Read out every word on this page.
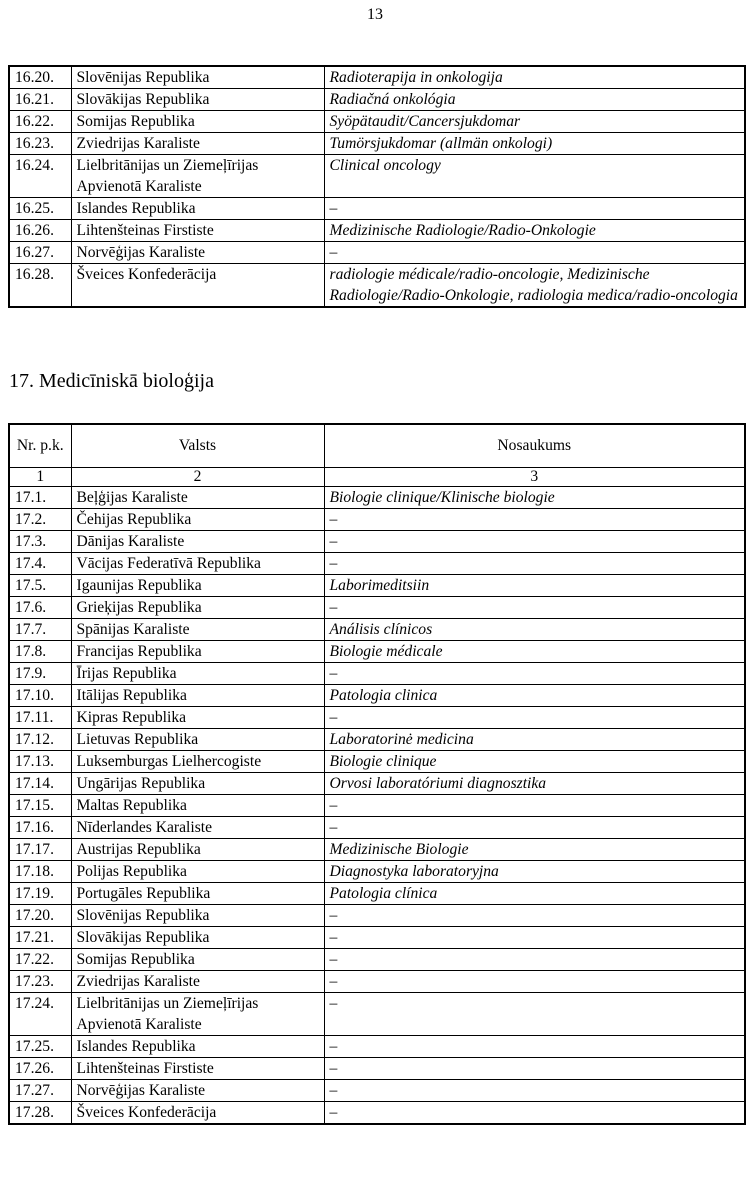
13
16.20.	Slovēnijas Republika	Radioterapija in onkologija
16.21.	Slovākijas Republika	Radiačná onkológia
16.22.	Somijas Republika	Syöpätaudit/Cancersjukdomar
16.23.	Zviedrijas Karaliste	Tumörsjukdomar (allmän onkologi)
16.24.	Lielbritānijas un Ziemeļīrijas Apvienotā Karaliste	Clinical oncology
16.25.	Islandes Republika	–
16.26.	Lihtenšteinas Firstiste	Medizinische Radiologie/Radio-Onkologie
16.27.	Norvēģijas Karaliste	–
16.28.	Šveices Konfederācija	radiologie médicale/radio-oncologie, Medizinische Radiologie/Radio-Onkologie, radiologia medica/radio-oncologia
17. Medicīniskā bioloģija
Nr. p.k.	Valsts	Nosaukums
1	2	3
17.1.	Beļģijas Karaliste	Biologie clinique/Klinische biologie
17.2.	Čehijas Republika	–
17.3.	Dānijas Karaliste	–
17.4.	Vācijas Federatīvā Republika	–
17.5.	Igaunijas Republika	Laborimeditsiin
17.6.	Grieķijas Republika	–
17.7.	Spānijas Karaliste	Análisis clínicos
17.8.	Francijas Republika	Biologie médicale
17.9.	Īrijas Republika	–
17.10.	Itālijas Republika	Patologia clinica
17.11.	Kipras Republika	–
17.12.	Lietuvas Republika	Laboratorinė medicina
17.13.	Luksemburgas Lielhercogiste	Biologie clinique
17.14.	Ungārijas Republika	Orvosi laboratóriumi diagnosztika
17.15.	Maltas Republika	–
17.16.	Nīderlandes Karaliste	–
17.17.	Austrijas Republika	Medizinische Biologie
17.18.	Polijas Republika	Diagnostyka laboratoryjna
17.19.	Portugāles Republika	Patologia clínica
17.20.	Slovēnijas Republika	–
17.21.	Slovākijas Republika	–
17.22.	Somijas Republika	–
17.23.	Zviedrijas Karaliste	–
17.24.	Lielbritānijas un Ziemeļīrijas Apvienotā Karaliste	–
17.25.	Islandes Republika	–
17.26.	Lihtenšteinas Firstiste	–
17.27.	Norvēģijas Karaliste	–
17.28.	Šveices Konfederācija	–
